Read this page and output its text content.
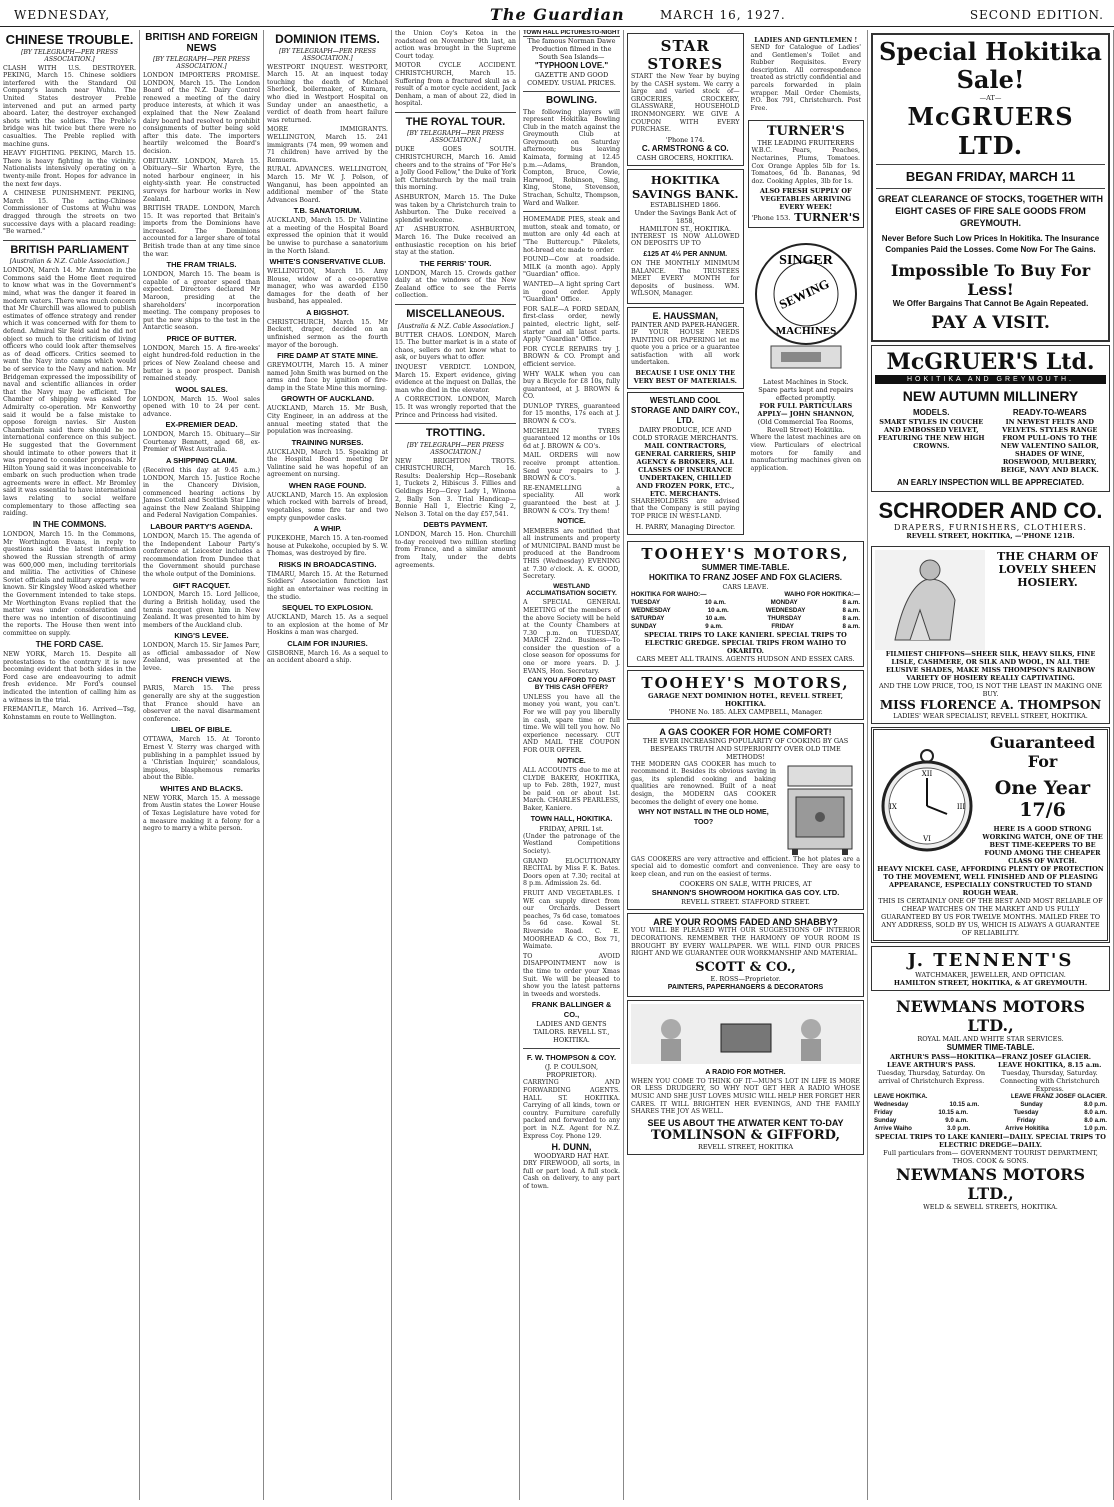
WEDNESDAY,	The Guardian	MARCH 16, 1927.	SECOND EDITION.
CHINESE TROUBLE.
[BY TELEGRAPH—PER PRESS ASSOCIATION.]

CLASH WITH U.S. DESTROYER. PEKING, March 15. Chinese soldiers interfered with the Standard Oil Company's launch near Wuhu. The United States destroyer Preble intervened and put an armed party aboard. Later, the destroyer exchanged shots with the soldiers. The Preble's bridge was hit twice but there were no casualties. The Preble replied with machine guns.

HEAVY FIGHTING. PEKING, March 15. There is heavy fighting in the vicinity. Nationalists intensively operating on a twenty-mile front. Hopes for advance in the next few days.

A CHINESE PUNISHMENT. PEKING, March 15. The acting-Chinese Commissioner of Customs at Wuhu was dragged through the streets on two successive days with a placard reading: "Be warned."

BRITISH PARLIAMENT
[Australian & N.Z. Cable Association.]

LONDON, March 14. Mr Ammon in the Commons said the Home fleet required to know what was in the Government's mind, what was the danger it feared in modern waters. There was much concern that Mr Churchill was allowed to publish estimates of offence strategy and render which it was concerned with for them to defend. Admiral Sir Reid said he did not object so much to the criticism of living officers who could look after themselves as of dead officers. Critics seemed to want the Navy into camps which would be of service to the Navy and nation. Mr Bridgeman expressed the impossibility of naval and scientific alliances in order that the Navy may be efficient. The Chamber of shipping was asked for Admiralty co-operation. Mr Kenworthy said it would be a false mistake to oppose foreign navies. Sir Austen Chamberlain said there should be no international conference on this subject. He suggested that the Government should intimate to other powers that it was prepared to consider proposals. Mr Hilton Young said it was inconceivable to embark on such production when trade agreements were in effect. Mr Bromley said it was essential to have international laws relating to social welfare complementary to those affecting sea raiding.

IN THE COMMONS.

LONDON, March 15. In the Commons, Mr Worthington Evans, in reply to questions said the latest information showed the Russian strength of army was 600,000 men, including territorials and militia. The activities of Chinese Soviet officials and military experts were known. Sir Kingsley Wood asked whether the Government intended to take steps. Mr Worthington Evans replied that the matter was under consideration and there was no intention of discontinuing the reports. The House then went into committee on supply.

THE FORD CASE.

NEW YORK, March 15. Despite all protestations to the contrary it is now becoming evident that both sides in the Ford case are endeavouring to admit fresh evidence. Mr Ford's counsel indicated the intention of calling him as a witness in the trial.

FREMANTLE, March 16. Arrived—Tsg, Kohnstamm en route to Wellington.

BRITISH AND FOREIGN NEWS
[BY TELEGRAPH—PER PRESS ASSOCIATION.]

LONDON IMPORTERS PROMISE. LONDON, March 15. The London Board of the N.Z. Dairy Control renewed a meeting of the dairy produce interests, at which it was explained that the New Zealand dairy board had resolved to prohibit consignments of butter being sold after this date. The importers heartily welcomed the Board's decision.

OBITUARY. LONDON, March 15. Obituary—Sir Wharton Eyre, the noted harbour engineer, in his eighty-sixth year. He constructed surveys for harbour works in New Zealand.

BRITISH TRADE. LONDON, March 15. It was reported that Britain's imports from the Dominions have increased. The Dominions accounted for a larger share of total British trade than at any time since the war.

THE FRAM TRIALS.

LONDON, March 15. The beam is capable of a greater speed than expected. Directors declared Mr Maroon, presiding at the shareholders' incorporation meeting. The company proposes to put the new ships to the test in the Antarctic season.

PRICE OF BUTTER.

LONDON, March 15. A fire-weeks' eight hundred-fold reduction in the prices of New Zealand cheese and butter is a poor prospect. Danish remained steady.

WOOL SALES.

LONDON, March 15. Wool sales opened with 10 to 24 per cent. advance.

EX-PREMIER DEAD.

LONDON, March 15. Obituary—Sir Courtenay Bennett, aged 68, ex-Premier of West Australia.

A SHIPPING CLAIM.

(Received this day at 9.45 a.m.) LONDON, March 15. Justice Roche in the Chancery Division, commenced hearing actions by James Cottell and Scottish Star Line against the New Zealand Shipping and Federal Navigation Companies.

LABOUR PARTY'S AGENDA.

LONDON, March 15. The agenda of the Independent Labour Party's conference at Leicester includes a recommendation from Dundee that the Government should purchase the whole output of the Dominions.

GIFT RACQUET.

LONDON, March 15. Lord Jellicoe, during a British holiday, used the tennis racquet given him in New Zealand. It was presented to him by members of the Auckland club.

KING'S LEVEE.

LONDON, March 15. Sir James Parr, as official ambassador of New Zealand, was presented at the levee.

FRENCH VIEWS.

PARIS, March 15. The press generally are shy at the suggestion that France should have an observer at the naval disarmament conference.

LIBEL OF BIBLE.

OTTAWA, March 15. At Toronto Ernest V. Sterry was charged with publishing in a pamphlet issued by a 'Christian Inquirer,' scandalous, impious, blasphemous remarks about the Bible.

WHITES AND BLACKS.

NEW YORK, March 15. A message from Austin states the Lower House of Texas Legislature have voted for a measure making it a felony for a negro to marry a white person.

DOMINION ITEMS.
[BY TELEGRAPH—PER PRESS ASSOCIATION.]

WESTPORT INQUEST. WESTPORT, March 15. At an inquest today touching the death of Michael Sherlock, boilermaker, of Kumara, who died in Westport Hospital on Sunday under an anaesthetic, a verdict of death from heart failure was returned.

MORE IMMIGRANTS. WELLINGTON, March 15. 241 immigrants (74 men, 99 women and 71 children) have arrived by the Remuera.

RURAL ADVANCES. WELLINGTON, March 15. Mr W. J. Polson, of Wanganui, has been appointed an additional member of the State Advances Board.

T.B. SANATORIUM.

AUCKLAND, March 15. Dr Valintine at a meeting of the Hospital Board expressed the opinion that it would be unwise to purchase a sanatorium in the North Island.

WHITE'S CONSERVATIVE CLUB.

WELLINGTON, March 15. Amy Blouse, widow of a co-operative manager, who was awarded £150 damages for the death of her husband, has appealed.

A BIGSHOT.

CHRISTCHURCH, March 15. Mr Beckett, draper, decided on an unfinished sermon as the fourth mayor of the borough.

FIRE DAMP AT STATE MINE.

GREYMOUTH, March 15. A miner named John Smith was burned on the arms and face by ignition of fire-damp in the State Mine this morning.

GROWTH OF AUCKLAND.

AUCKLAND, March 15. Mr Bush, City Engineer, in an address at the annual meeting stated that the population was increasing.

TRAINING NURSES.

AUCKLAND, March 15. Speaking at the Hospital Board meeting Dr Valintine said he was hopeful of an agreement on nursing.

WHEN RAGE FOUND.

AUCKLAND, March 15. An explosion which rocked with barrels of bread, vegetables, some fire tar and two empty gunpowder casks.

A WHIP.

PUKEKOHE, March 15. A ten-roomed house at Pukekohe, occupied by S. W. Thomas, was destroyed by fire.

RISKS IN BROADCASTING.

TIMARU, March 15. At the Returned Soldiers' Association function last night an entertainer was reciting in the studio.

SEQUEL TO EXPLOSION.

AUCKLAND, March 15. As a sequel to an explosion at the home of Mr Hoskins a man was charged.

CLAIM FOR INJURIES.

GISBORNE, March 16. As a sequel to an accident aboard a ship.

the Union Coy's Ketoa in the roadstead on November 9th last, an action was brought in the Supreme Court today.

MOTOR CYCLE ACCIDENT. CHRISTCHURCH, March 15. Suffering from a fractured skull as a result of a motor cycle accident, Jack Denham, a man of about 22, died in hospital.

THE ROYAL TOUR.
[BY TELEGRAPH—PER PRESS ASSOCIATION.]

DUKE GOES SOUTH. CHRISTCHURCH, March 16. Amid cheers and to the strains of "For He's a Jolly Good Fellow," the Duke of York left Christchurch by the mail train this morning.

ASHBURTON, March 15. The Duke was taken by a Christchurch train to Ashburton. The Duke received a splendid welcome.

AT ASHBURTON. ASHBURTON, March 16. The Duke received an enthusiastic reception on his brief stay at the station.

THE FERRIS' TOUR.

LONDON, March 15. Crowds gather daily at the windows of the New Zealand office to see the Ferris collection.

MISCELLANEOUS.
[Australia & N.Z. Cable Association.]

BUTTER CHAOS. LONDON, March 15. The butter market is in a state of chaos, sellers do not know what to ask, or buyers what to offer.

INQUEST VERDICT. LONDON, March 15. Expert evidence, giving evidence at the inquest on Dallas, the man who died in the elevator.

A CORRECTION. LONDON, March 15. It was wrongly reported that the Prince and Princess had visited.

TROTTING.
[BY TELEGRAPH—PER PRESS ASSOCIATION.]

NEW BRIGHTON TROTS. CHRISTCHURCH, March 16. Results: Dealership Hcp—Rosebank 1, Tuckets 2, Hibiscus 3. Fillies and Geldings Hcp—Grey Lady 1, Winona 2, Bally Son 3. Trial Handicap—Bonnie Hall 1, Electric King 2, Nelson 3. Total on the day £57,541.

DEBTS PAYMENT.

LONDON, March 15. Hon. Churchill to-day received two million sterling from France, and a similar amount from Italy, under the debts agreements.

TOWN HALL PICTURES TO-NIGHT
The famous Norman Dawe Production filmed in the South Sea Islands—
"TYPHOON LOVE."
GAZETTE AND GOOD COMEDY. USUAL PRICES.
BOWLING.

The following players will represent Hokitika Bowling Club in the match against the Greymouth Club at Greymouth on Saturday afternoon; bus leaving Kaimata, forming at 12.45 p.m.—Adams, Brandon, Compton, Bruce, Cowie, Harwood, Robinson, Sing, King, Stone, Stevenson, Strachan, Schultz, Thompson, Ward and Walker.

HOMEMADE PIES, steak and mutton, steak and tomato, or mutton are only 4d each at "The Buttercup." Pikelets, hot-bread etc made to order.

FOUND—Cow at roadside. MILK (a month ago). Apply "Guardian" office.

WANTED—A light spring Cart in good order. Apply "Guardian" Office.

FOR SALE—A FORD SEDAN, first-class order, newly painted, electric light, self-starter and all latest parts. Apply "Guardian" Office.

FOR CYCLE REPAIRS try J. BROWN & CO. Prompt and efficient service.

WHY WALK when you can buy a Bicycle for £8 10s, fully guaranteed, at J. BROWN & CO.

DUNLOP TYRES, guaranteed for 15 months, 17s each at J. BROWN & CO's.

MICHELIN TYRES guaranteed 12 months or 10s 6d at J. BROWN & CO's.

MAIL ORDERS will now receive prompt attention. Send your repairs to J. BROWN & CO's.

RE-ENAMELLING a speciality. All work guaranteed the best at J. BROWN & CO's. Try them!

NOTICE.

MEMBERS are notified that all instruments and property of MUNICIPAL BAND must be produced at the Bandroom THIS (Wednesday) EVENING at 7.30 o'clock. A. K. GOOD, Secretary.

WESTLAND ACCLIMATISATION SOCIETY.

A SPECIAL GENERAL MEETING of the members of the above Society will be held at the County Chambers at 7.30 p.m. on TUESDAY, MARCH 22nd. Business—To consider the question of a close season for opossums for one or more years. D. J. EVANS, Hon. Secretary.

CAN YOU AFFORD TO PAST BY THIS CASH OFFER?

UNLESS you have all the money you want, you can't. For we will pay you liberally in cash, spare time or full time. We will tell you how. No experience necessary. CUT AND MAIL THE COUPON FOR OUR OFFER.

NOTICE.

ALL ACCOUNTS due to me at CLYDE BAKERY, HOKITIKA, up to Feb. 28th, 1927, must be paid on or about 1st. March. CHARLES PEARLESS, Baker, Kaniere.

TOWN HALL, HOKITIKA.
FRIDAY, APRIL 1st.

(Under the patronage of the Westland Competitions Society).

GRAND ELOCUTIONARY RECITAL by Miss F. K. Bates. Doors open at 7.30; recital at 8 p.m. Admission 2s. 6d.

FRUIT AND VEGETABLES. I WE can supply direct from our Orchards. Dessert peaches, 7s 6d case, tomatoes 5s 6d case. Kowal St. Riverside Road. C. E. MOORHEAD & CO., Box 71, Waimate.

TO AVOID DISAPPOINTMENT now is the time to order your Xmas Suit. We will be pleased to show you the latest patterns in tweeds and worsteds.

FRANK BALLINGER & CO.,
LADIES AND GENTS TAILORS. REVELL ST., HOKITIKA.
F. W. THOMPSON & COY.
(J. P. COULSON, PROPRIETOR).

CARRYING AND FORWARDING AGENTS. HALL ST. HOKITIKA. Carrying of all kinds, town or country. Furniture carefully packed and forwarded to any port in N.Z. Agent for N.Z. Express Coy. Phone 129.

H. DUNN,
WOODYARD HAT HAT.

DRY FIREWOOD, all sorts, in full or part load. A full stock. Cash on delivery, to any part of town.

STAR STORES

START the New Year by buying by the CASH system. We carry a large and varied stock of—GROCERIES, CROCKERY, GLASSWARE, HOUSEHOLD IRONMONGERY. WE GIVE A COUPON WITH EVERY PURCHASE.

'Phone 174.
C. ARMSTRONG & CO.
CASH GROCERS, HOKITIKA.
HOKITIKA SAVINGS BANK.
ESTABLISHED 1866.
Under the Savings Bank Act of 1858,
HAMILTON ST., HOKITIKA.

INTEREST IS NOW ALLOWED ON DEPOSITS UP TO

£125 AT 4½ PER ANNUM.

ON THE MONTHLY MINIMUM BALANCE. The TRUSTEES MEET EVERY MONTH for deposits of business. WM. WILSON, Manager.

E. HAUSSMAN,
PAINTER AND PAPER-HANGER.

IF YOUR HOUSE NEEDS PAINTING OR PAPERING let me quote you a price or a guarantee satisfaction with all work undertaken.

BECAUSE I USE ONLY THE VERY BEST OF MATERIALS.
WESTLAND COOL STORAGE AND DAIRY COY., LTD.
DAIRY PRODUCE, ICE AND COLD STORAGE MERCHANTS.
MAIL CONTRACTORS, GENERAL CARRIERS, SHIP AGENCY & BROKERS, ALL CLASSES OF INSURANCE UNDERTAKEN, CHILLED AND FROZEN PORK, ETC., ETC. MERCHANTS.

SHAREHOLDERS are advised that the Company is still paying TOP PRICE IN WEST-LAND.

H. PARRY, Managing Director.
LADIES AND GENTLEMEN !

SEND for Catalogue of Ladies' and Gentlemen's Toilet and Rubber Requisites. Every description. All correspondence treated as strictly confidential and parcels forwarded in plain wrapper. Mail Order Chemists, P.O. Box 791, Christchurch. Post Free.

TURNER'S
THE LEADING FRUITERERS

W.B.C. Pears, Peaches, Nectarines, Plums, Tomatoes. Cox Orange Apples 5lb for 1s. Tomatoes, 6d lb. Bananas, 9d doz. Cooking Apples, 3lb for 1s.

ALSO FRESH SUPPLY OF VEGETABLES ARRIVING EVERY WEEK!
'Phone 153. TURNER'S
SINGER
SEWING
MACHINES
Latest Machines in Stock.
Spare parts kept and repairs effected promptly.
FOR FULL PARTICULARS APPLY— JOHN SHANNON,
(Old Commercial Tea Rooms, Revell Street) Hokitika.

Where the latest machines are on view. Particulars of electrical motors for family and manufacturing machines given on application.

TOOHEY'S MOTORS,
SUMMER TIME-TABLE.
HOKITIKA TO FRANZ JOSEF AND FOX GLACIERS.
CARS LEAVE.
HOKITIKA FOR WAIHO:—	WAIHO FOR HOKITIKA:—
TUESDAY	10 a.m.	MONDAY	8 a.m.
WEDNESDAY	10 a.m.	WEDNESDAY	8 a.m.
SATURDAY	10 a.m.	THURSDAY	8 a.m.
SUNDAY	9 a.m.	FRIDAY	8 a.m.
SPECIAL TRIPS TO LAKE KANIERI. SPECIAL TRIPS TO ELECTRIC GREDGE. SPECIAL TRIPS FROM WAIHO TO OKARITO.
CARS MEET ALL TRAINS. AGENTS HUDSON AND ESSEX CARS.
TOOHEY'S MOTORS,
GARAGE NEXT DOMINION HOTEL, REVELL STREET, HOKITIKA.
'PHONE No. 185. ALEX CAMPBELL, Manager.
A GAS COOKER FOR HOME COMFORT!
THE EVER INCREASING POPULARITY OF COOKING BY GAS BESPEAKS TRUTH AND SUPERIORITY OVER OLD TIME METHODS!

THE MODERN GAS COOKER has much to recommend it. Besides its obvious saving in gas, its splendid cooking and baking qualities are renowned. Built of a neat design, the MODERN GAS COOKER becomes the delight of every one home.

WHY NOT INSTALL IN THE OLD HOME, TOO?

GAS COOKERS are very attractive and efficient. The hot plates are a special aid to domestic comfort and convenience. They are easy to keep clean, and run on the easiest of terms.

COOKERS ON SALE, WITH PRICES, AT
SHANNON'S SHOWROOM HOKITIKA GAS COY. LTD.
REVELL STREET. STAFFORD STREET.
ARE YOUR ROOMS FADED AND SHABBY?

YOU WILL BE PLEASED WITH OUR SUGGESTIONS OF INTERIOR DECORATIONS. REMEMBER THE HARMONY OF YOUR ROOM IS BROUGHT BY EVERY WALLPAPER. WE WILL FIND OUR PRICES RIGHT AND WE GUARANTEE OUR WORKMANSHIP AND MATERIAL.

SCOTT & CO.,
E. ROSS—Proprietor.
PAINTERS, PAPERHANGERS & DECORATORS
A RADIO FOR MOTHER.

WHEN YOU COME TO THINK OF IT—MUM'S LOT IN LIFE IS MORE OR LESS DRUDGERY, SO WHY NOT GET HER A RADIO WHOSE MUSIC AND SHE JUST LOVES MUSIC WILL HELP HER FORGET HER CARES. IT WILL BRIGHTEN HER EVENINGS, AND THE FAMILY SHARES THE JOY AS WELL.

SEE US ABOUT THE ATWATER KENT TO-DAY
TOMLINSON & GIFFORD,
REVELL STREET, HOKITIKA
Special Hokitika Sale!
—AT—
McGRUERS LTD.
BEGAN FRIDAY, MARCH 11
GREAT CLEARANCE OF STOCKS, TOGETHER WITH EIGHT CASES OF FIRE SALE GOODS FROM GREYMOUTH.
Never Before Such Low Prices In Hokitika. The Insurance Companies Paid the Losses. Come Now For The Gains.
Impossible To Buy For Less!
We Offer Bargains That Cannot Be Again Repeated.
PAY A VISIT.
McGRUER'S Ltd.
HOKITIKA AND GREYMOUTH.
NEW AUTUMN MILLINERY
MODELS.
SMART STYLES IN COUCHE AND EMBOSSED VELVET, FEATURING THE NEW HIGH CROWNS.
READY-TO-WEARS
IN NEWEST FELTS AND VELVETS. STYLES RANGE FROM PULL-ONS TO THE NEW VALENTINO SAILOR, SHADES OF WINE, ROSEWOOD, MULBERRY, BEIGE, NAVY AND BLACK.
AN EARLY INSPECTION WILL BE APPRECIATED.
SCHRODER AND CO.
DRAPERS, FURNISHERS, CLOTHIERS.
REVELL STREET, HOKITIKA, —'PHONE 121B.
THE CHARM OF LOVELY SHEEN HOSIERY.
FILMIEST CHIFFONS—SHEER SILK, HEAVY SILKS, FINE LISLE, CASHMERE, OR SILK AND WOOL, IN ALL THE ELUSIVE SHADES, MAKE MISS THOMPSON'S RAINBOW VARIETY OF HOSIERY REALLY CAPTIVATING.
AND THE LOW PRICE, TOO, IS NOT THE LEAST IN MAKING ONE BUY.
MISS FLORENCE A. THOMPSON
LADIES' WEAR SPECIALIST, REVELL STREET, HOKITIKA.
XII
III
VI
IX
Guaranteed For
One Year 17/6
HERE IS A GOOD STRONG WORKING WATCH, ONE OF THE BEST TIME-KEEPERS TO BE FOUND AMONG THE CHEAPER CLASS OF WATCH.
HEAVY NICKEL CASE, AFFORDING PLENTY OF PROTECTION TO THE MOVEMENT, WELL FINISHED AND OF PLEASING APPEARANCE, ESPECIALLY CONSTRUCTED TO STAND ROUGH WEAR.
THIS IS CERTAINLY ONE OF THE BEST AND MOST RELIABLE OF CHEAP WATCHES ON THE MARKET AND US FULLY GUARANTEED BY US FOR TWELVE MONTHS. MAILED FREE TO ANY ADDRESS, SOLD BY US, WHICH IS ALWAYS A GUARANTEE OF RELIABILITY.
J. TENNENT'S
WATCHMAKER, JEWELLER, AND OPTICIAN.
HAMILTON STREET, HOKITIKA, & AT GREYMOUTH.
NEWMANS MOTORS LTD.,
ROYAL MAIL AND WHITE STAR SERVICES.
SUMMER TIME-TABLE.
ARTHUR'S PASS—HOKITIKA—FRANZ JOSEF GLACIER.
LEAVE ARTHUR'S PASS.
Tuesday, Thursday, Saturday. On arrival of Christchurch Express.
LEAVE HOKITIKA, 8.15 a.m.
Tuesday, Thursday, Saturday. Connecting with Christchurch Express.
LEAVE HOKITIKA.	LEAVE FRANZ JOSEF GLACIER.
Wednesday	10.15 a.m.	Sunday	8.0 p.m.
Friday	10.15 a.m.	Tuesday	8.0 a.m.
Sunday	9.0 a.m.	Friday	8.0 a.m.
Arrive Waiho	3.0 p.m.	Arrive Hokitika	1.0 p.m.
SPECIAL TRIPS TO LAKE KANIERI—DAILY. SPECIAL TRIPS TO ELECTRIC DREDGE—DAILY.
Full particulars from— GOVERNMENT TOURIST DEPARTMENT, THOS. COOK & SONS.
NEWMANS MOTORS LTD.,
WELD & SEWELL STREETS, HOKITIKA.
